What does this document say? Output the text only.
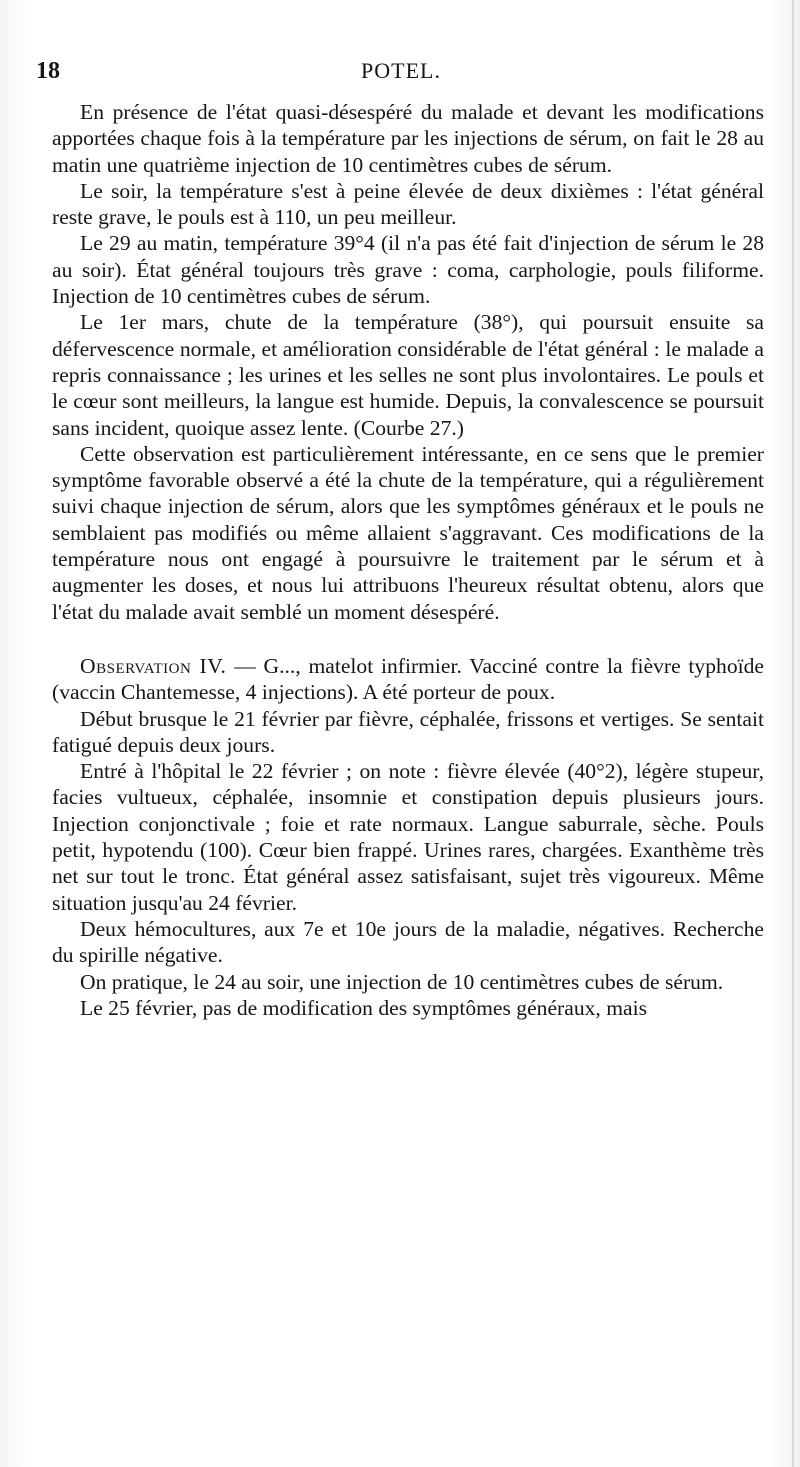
18	POTEL.

En présence de l'état quasi-désespéré du malade et devant les modifications apportées chaque fois à la température par les injections de sérum, on fait le 28 au matin une quatrième injection de 10 centimètres cubes de sérum.

Le soir, la température s'est à peine élevée de deux dixièmes : l'état général reste grave, le pouls est à 110, un peu meilleur.

Le 29 au matin, température 39°4 (il n'a pas été fait d'injection de sérum le 28 au soir). État général toujours très grave : coma, carphologie, pouls filiforme. Injection de 10 centimètres cubes de sérum.

Le 1er mars, chute de la température (38°), qui poursuit ensuite sa défervescence normale, et amélioration considérable de l'état général : le malade a repris connaissance ; les urines et les selles ne sont plus involontaires. Le pouls et le cœur sont meilleurs, la langue est humide. Depuis, la convalescence se poursuit sans incident, quoique assez lente. (Courbe 27.)

Cette observation est particulièrement intéressante, en ce sens que le premier symptôme favorable observé a été la chute de la température, qui a régulièrement suivi chaque injection de sérum, alors que les symptômes généraux et le pouls ne semblaient pas modifiés ou même allaient s'aggravant. Ces modifications de la température nous ont engagé à poursuivre le traitement par le sérum et à augmenter les doses, et nous lui attribuons l'heureux résultat obtenu, alors que l'état du malade avait semblé un moment désespéré.

Observation IV. — G..., matelot infirmier. Vacciné contre la fièvre typhoïde (vaccin Chantemesse, 4 injections). A été porteur de poux.

Début brusque le 21 février par fièvre, céphalée, frissons et vertiges. Se sentait fatigué depuis deux jours.

Entré à l'hôpital le 22 février ; on note : fièvre élevée (40°2), légère stupeur, facies vultueux, céphalée, insomnie et constipation depuis plusieurs jours. Injection conjonctivale ; foie et rate normaux. Langue saburrale, sèche. Pouls petit, hypotendu (100). Cœur bien frappé. Urines rares, chargées. Exanthème très net sur tout le tronc. État général assez satisfaisant, sujet très vigoureux. Même situation jusqu'au 24 février.

Deux hémocultures, aux 7e et 10e jours de la maladie, négatives. Recherche du spirille négative.

On pratique, le 24 au soir, une injection de 10 centimètres cubes de sérum.

Le 25 février, pas de modification des symptômes généraux, mais
